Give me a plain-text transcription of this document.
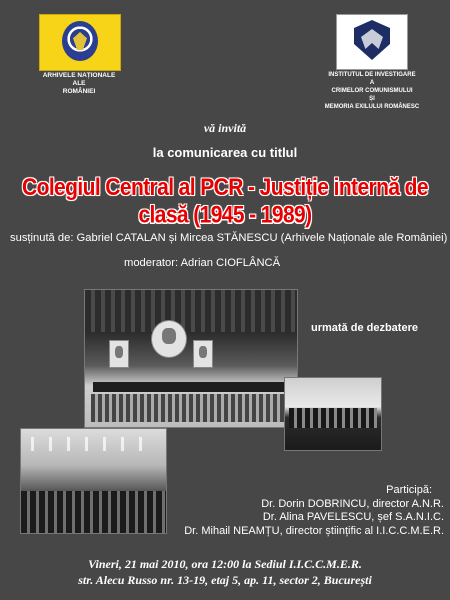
ARHIVELE NAȚIONALE
ALE
ROMÂNIEI
INSTITUTUL DE INVESTIGARE
A
CRIMELOR COMUNISMULUI
ȘI
MEMORIA EXILULUI ROMÂNESC
vă invită
la comunicarea cu titlul
Colegiul Central al PCR - Justiție internă de clasă (1945 - 1989)
susținută de: Gabriel CATALAN și Mircea STĂNESCU (Arhivele Naționale ale României)
moderator: Adrian CIOFLÂNCĂ
urmată de dezbatere
Participă:
Dr. Dorin DOBRINCU, director A.N.R.
Dr. Alina PAVELESCU, șef S.A.N.I.C.
Dr. Mihail NEAMȚU, director științific al I.I.C.C.M.E.R.
Vineri, 21 mai 2010, ora 12:00 la Sediul I.I.C.C.M.E.R.
str. Alecu Russo nr. 13-19, etaj 5, ap. 11, sector 2, București
